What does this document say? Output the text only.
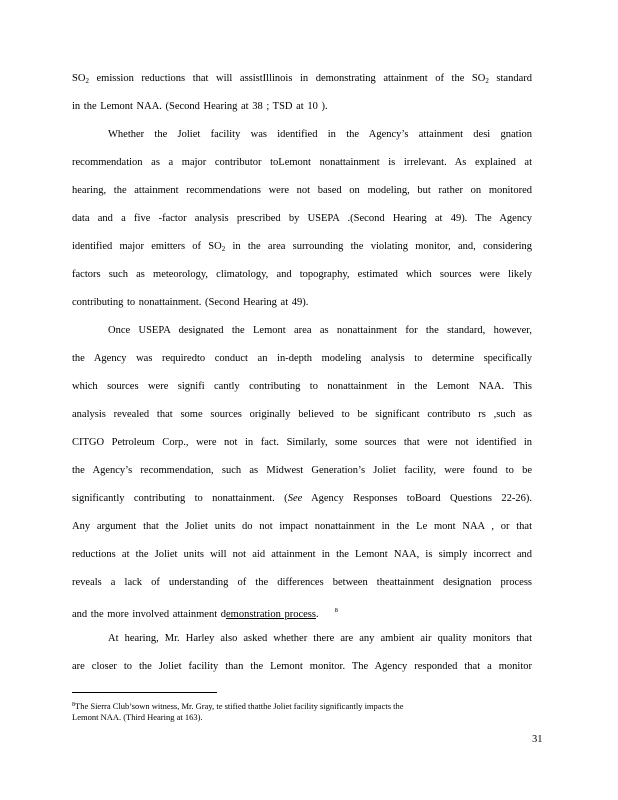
$SO_2$ emission reductions that will assistIllinois in demonstrating attainment of the $SO_2$ standard
in the Lemont NAA. (Second Hearing at 38 ; TSD at 10 ).
Whether the Joliet facility was identified in the Agency’s attainment desi gnation
recommendation as a major contributor toLemont nonattainment is irrelevant. As explained at
hearing, the attainment recommendations were not based on modeling, but rather on monitored
data and a five -factor analysis prescribed by USEPA .(Second Hearing at 49). The Agency
identified major emitters of $SO_2$ in the area surrounding the violating monitor, and, considering
factors such as meteorology, climatology, and topography, estimated which sources were likely
contributing to nonattainment. (Second Hearing at 49).
Once USEPA designated the Lemont area as nonattainment for the standard, however,
the Agency was requiredto conduct an in-depth modeling analysis to determine specifically
which sources were signifi cantly contributing to nonattainment in the Lemont NAA. This
analysis revealed that some sources originally believed to be significant contributo rs ,such as
CITGO Petroleum Corp., were not in fact. Similarly, some sources that were not identified in
the Agency’s recommendation, such as Midwest Generation’s Joliet facility, were found to be
significantly contributing to nonattainment. (See Agency Responses toBoard Questions 22-26).
Any argument that the Joliet units do not impact nonattainment in the Le mont NAA , or that
reductions at the Joliet units will not aid attainment in the Lemont NAA, is simply incorrect and
reveals a lack of understanding of the differences between theattainment designation process
and the more involved attainment demonstration process. $^8$
At hearing, Mr. Harley also asked whether there are any ambient air quality monitors that
are closer to the Joliet facility than the Lemont monitor. The Agency responded that a monitor
$^8$The Sierra Club’sown witness, Mr. Gray, te stified thatthe Joliet facility significantly impacts the
Lemont NAA. (Third Hearing at 163).
31
